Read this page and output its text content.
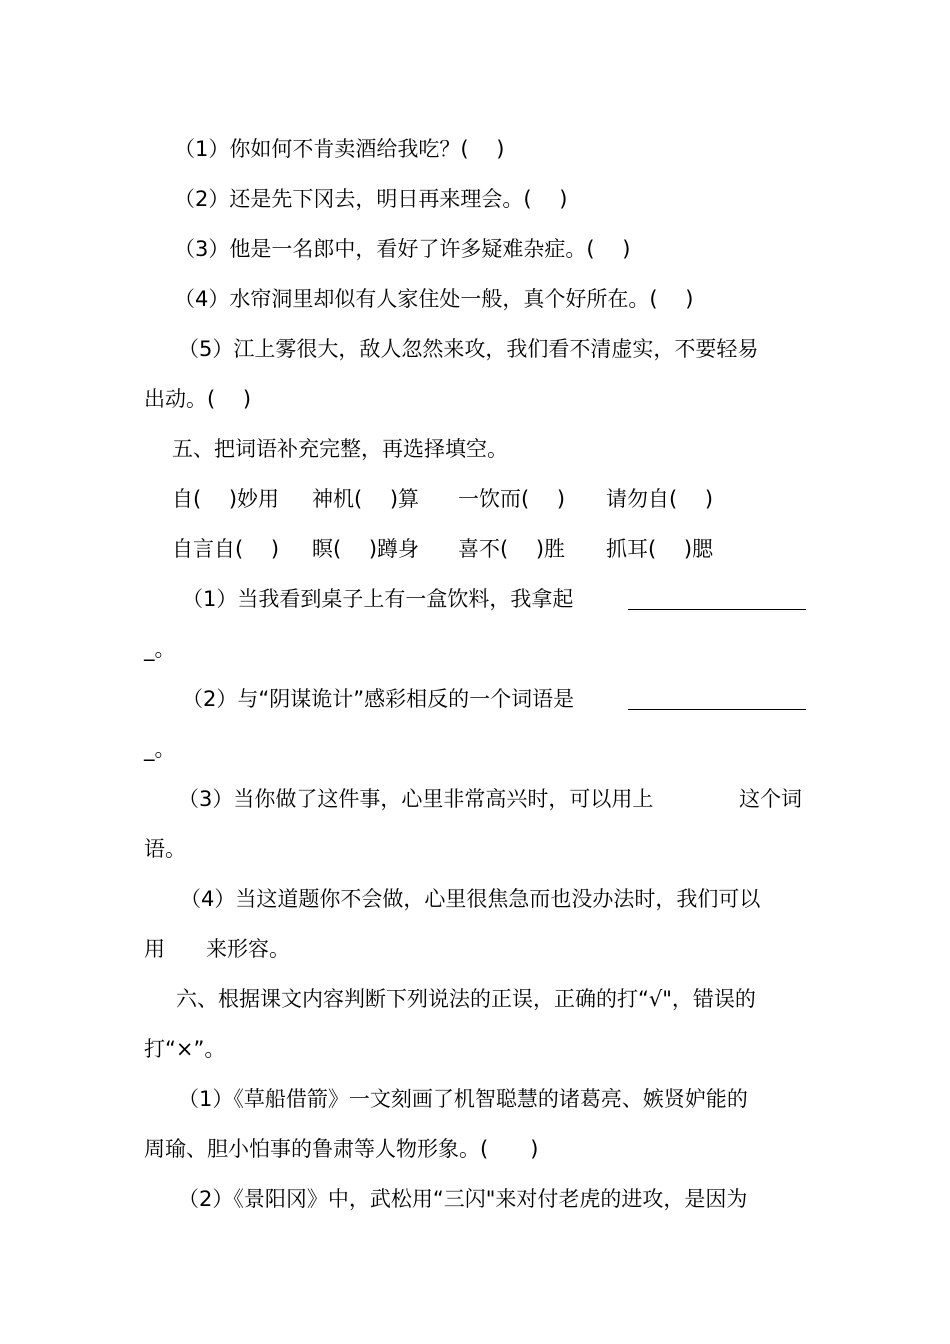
（1）你如何不肯卖酒给我吃？(　 )
（2）还是先下冈去，明日再来理会。(　 )
（3）他是一名郎中，看好了许多疑难杂症。(　 )
（4）水帘洞里却似有人家住处一般，真个好所在。(　 )
（5）江上雾很大，敌人忽然来攻，我们看不清虚实，不要轻易
出动。(　 )
五、把词语补充完整，再选择填空。
自(　 )妙用 神机(　 )算 一饮而(　 ) 请勿自(　 )
自言自(　 ) 瞑(　 )蹲身 喜不(　 )胜 抓耳(　 )腮
（1）当我看到桌子上有一盒饮料，我拿起
_。
（2）与“阴谋诡计”感彩相反的一个词语是
_。
（3）当你做了这件事，心里非常高兴时，可以用上	这个词
语。
（4）当这道题你不会做，心里很焦急而也没办法时，我们可以
用 来形容。
六、根据课文内容判断下列说法的正误，正确的打“√"，错误的
打“×”。
（1）《草船借箭》一文刻画了机智聪慧的诸葛亮、嫉贤妒能的
周瑜、胆小怕事的鲁肃等人物形象。(　　)
（2）《景阳冈》中，武松用“三闪"来对付老虎的进攻，是因为
